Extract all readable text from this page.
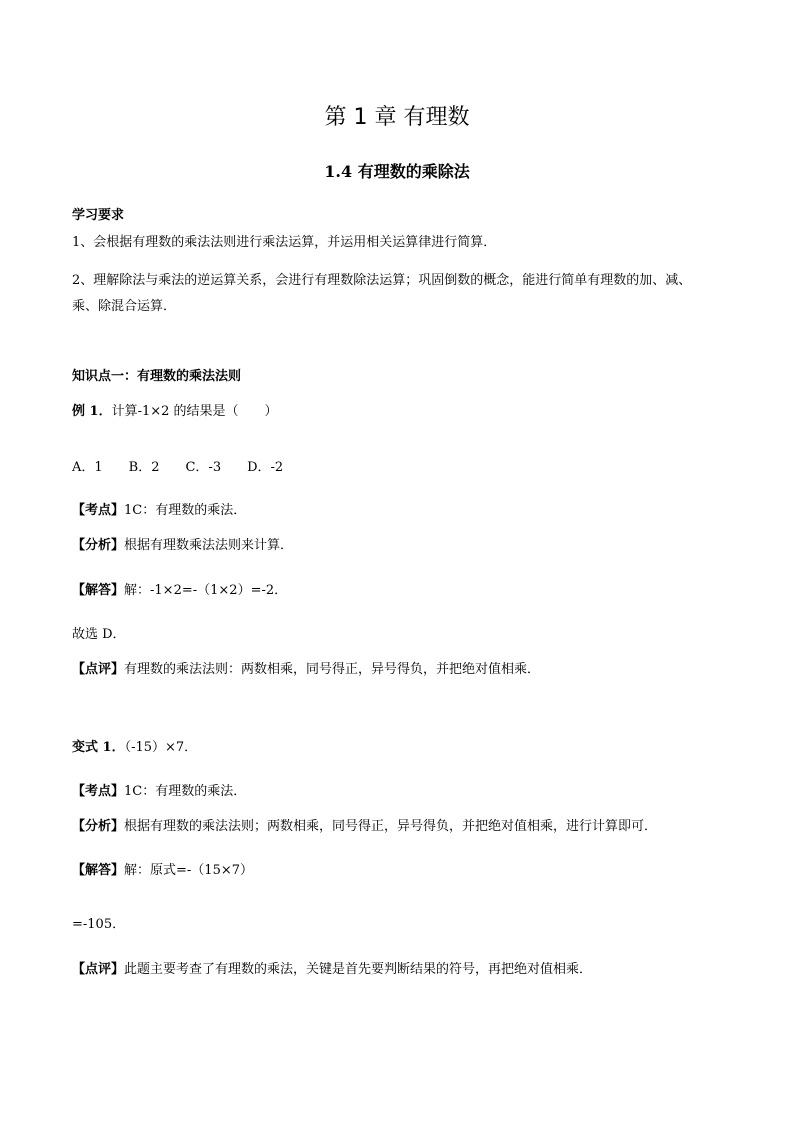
第 1 章 有理数
1.4 有理数的乘除法
学习要求
1、会根据有理数的乘法法则进行乘法运算，并运用相关运算律进行简算．
2、理解除法与乘法的逆运算关系，会进行有理数除法运算；巩固倒数的概念，能进行简单有理数的加、减、
乘、除混合运算．
知识点一：有理数的乘法法则
例 1．计算-1×2 的结果是（　　）
A．1　　B．2　　C．-3　　D．-2
【考点】1C：有理数的乘法．
【分析】根据有理数乘法法则来计算．
【解答】解：-1×2=-（1×2）=-2．
故选 D．
【点评】有理数的乘法法则：两数相乘，同号得正，异号得负，并把绝对值相乘．
变式 1．（-15）×7．
【考点】1C：有理数的乘法．
【分析】根据有理数的乘法法则；两数相乘，同号得正，异号得负，并把绝对值相乘，进行计算即可．
【解答】解：原式=-（15×7）
=-105．
【点评】此题主要考查了有理数的乘法，关键是首先要判断结果的符号，再把绝对值相乘．
